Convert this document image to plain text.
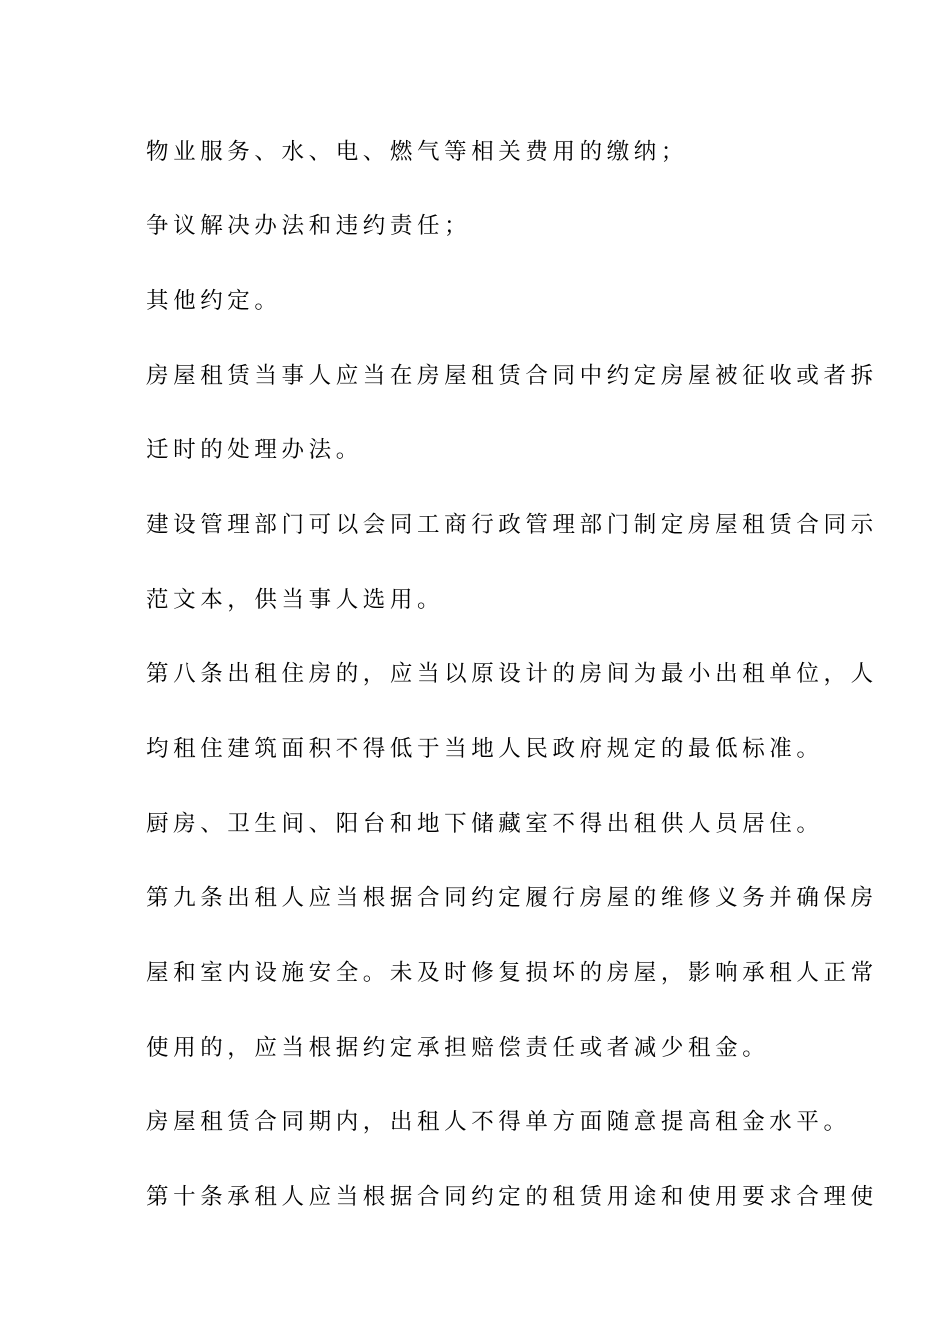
物业服务、水、电、燃气等相关费用的缴纳；
争议解决办法和违约责任；
其他约定。
房屋租赁当事人应当在房屋租赁合同中约定房屋被征收或者拆
迁时的处理办法。
建设管理部门可以会同工商行政管理部门制定房屋租赁合同示
范文本，供当事人选用。
第八条出租住房的，应当以原设计的房间为最小出租单位，人
均租住建筑面积不得低于当地人民政府规定的最低标准。
厨房、卫生间、阳台和地下储藏室不得出租供人员居住。
第九条出租人应当根据合同约定履行房屋的维修义务并确保房
屋和室内设施安全。未及时修复损坏的房屋，影响承租人正常
使用的，应当根据约定承担赔偿责任或者减少租金。
房屋租赁合同期内，出租人不得单方面随意提高租金水平。
第十条承租人应当根据合同约定的租赁用途和使用要求合理使
